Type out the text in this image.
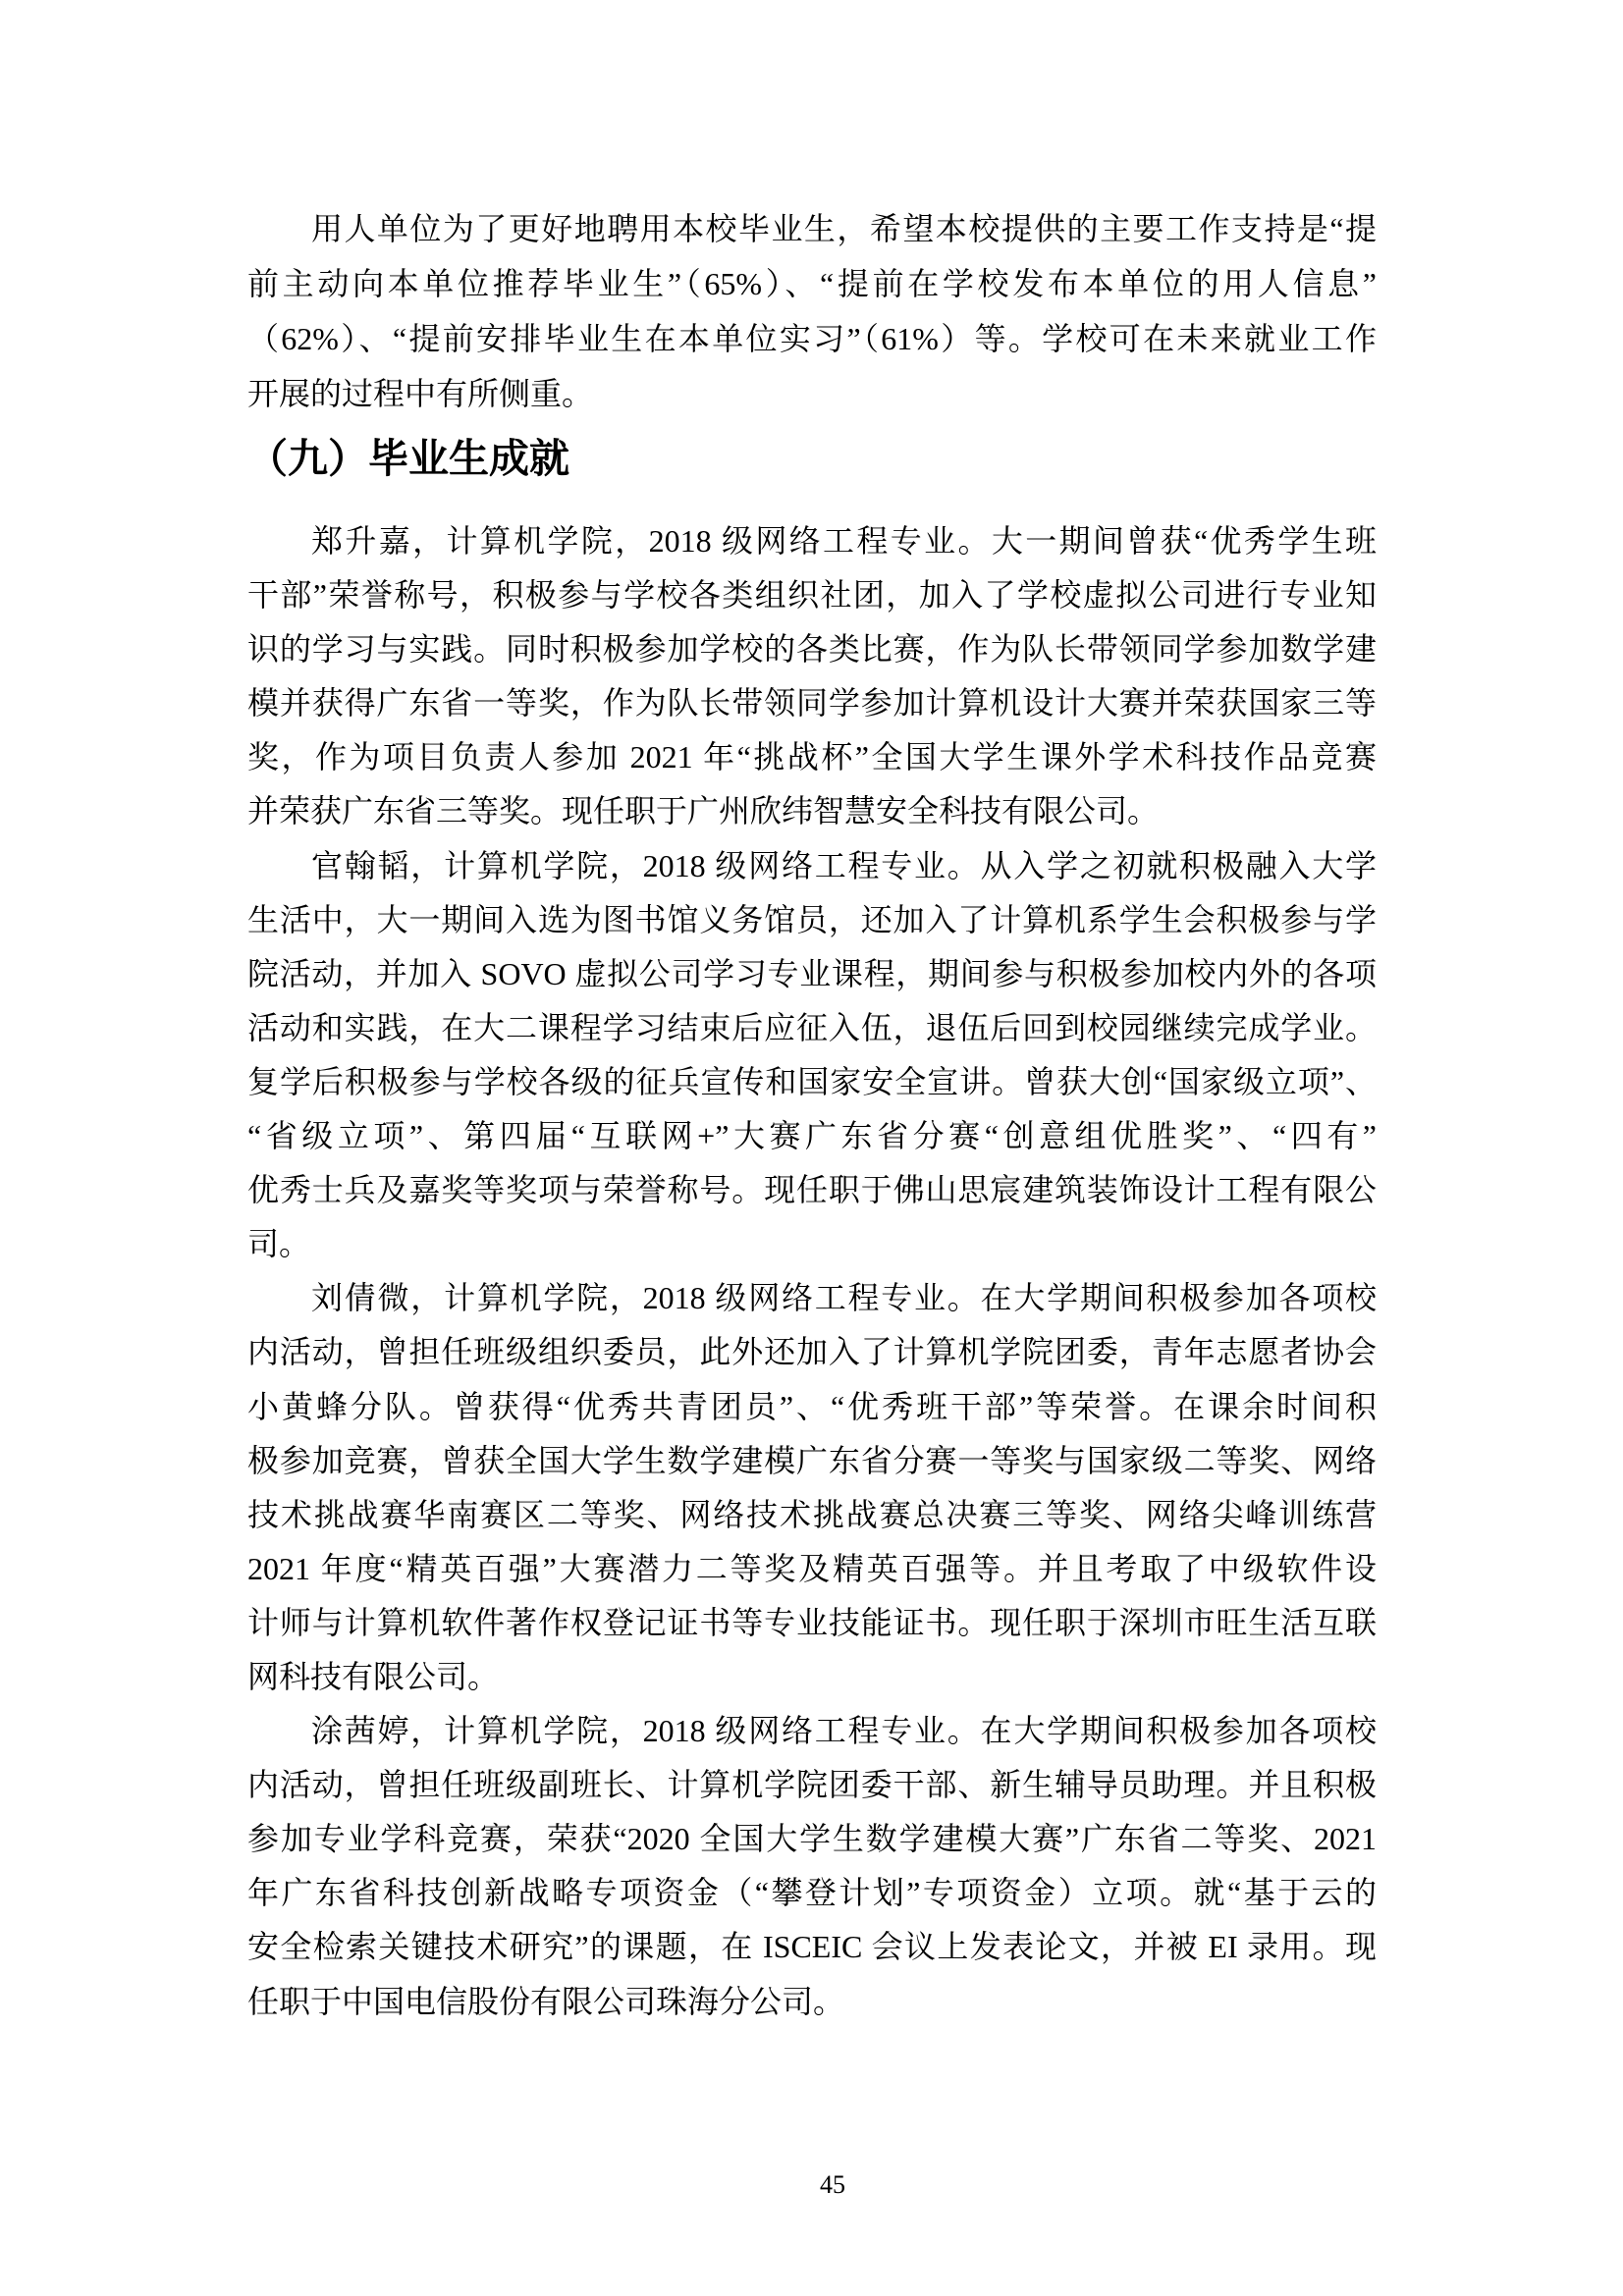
用人单位为了更好地聘用本校毕业生，希望本校提供的主要工作支持是“提
前主动向本单位推荐毕业生”（65%）、“提前在学校发布本单位的用人信息”
（62%）、“提前安排毕业生在本单位实习”（61%）等。学校可在未来就业工作
开展的过程中有所侧重。
（九）毕业生成就
郑升嘉，计算机学院，2018 级网络工程专业。大一期间曾获“优秀学生班
干部”荣誉称号，积极参与学校各类组织社团，加入了学校虚拟公司进行专业知
识的学习与实践。同时积极参加学校的各类比赛，作为队长带领同学参加数学建
模并获得广东省一等奖，作为队长带领同学参加计算机设计大赛并荣获国家三等
奖，作为项目负责人参加 2021 年“挑战杯”全国大学生课外学术科技作品竞赛
并荣获广东省三等奖。现任职于广州欣纬智慧安全科技有限公司。
官翰韬，计算机学院，2018 级网络工程专业。从入学之初就积极融入大学
生活中，大一期间入选为图书馆义务馆员，还加入了计算机系学生会积极参与学
院活动，并加入 SOVO 虚拟公司学习专业课程，期间参与积极参加校内外的各项
活动和实践，在大二课程学习结束后应征入伍，退伍后回到校园继续完成学业。
复学后积极参与学校各级的征兵宣传和国家安全宣讲。曾获大创“国家级立项”、
“省级立项”、第四届“互联网+”大赛广东省分赛“创意组优胜奖”、“四有”
优秀士兵及嘉奖等奖项与荣誉称号。现任职于佛山思宸建筑装饰设计工程有限公
司。
刘倩微，计算机学院，2018 级网络工程专业。在大学期间积极参加各项校
内活动，曾担任班级组织委员，此外还加入了计算机学院团委，青年志愿者协会
小黄蜂分队。曾获得“优秀共青团员”、“优秀班干部”等荣誉。在课余时间积
极参加竞赛，曾获全国大学生数学建模广东省分赛一等奖与国家级二等奖、网络
技术挑战赛华南赛区二等奖、网络技术挑战赛总决赛三等奖、网络尖峰训练营
2021 年度“精英百强”大赛潜力二等奖及精英百强等。并且考取了中级软件设
计师与计算机软件著作权登记证书等专业技能证书。现任职于深圳市旺生活互联
网科技有限公司。
涂茜婷，计算机学院，2018 级网络工程专业。在大学期间积极参加各项校
内活动，曾担任班级副班长、计算机学院团委干部、新生辅导员助理。并且积极
参加专业学科竞赛，荣获“2020 全国大学生数学建模大赛”广东省二等奖、2021
年广东省科技创新战略专项资金（“攀登计划”专项资金）立项。就“基于云的
安全检索关键技术研究”的课题，在 ISCEIC 会议上发表论文，并被 EI 录用。现
任职于中国电信股份有限公司珠海分公司。
45
